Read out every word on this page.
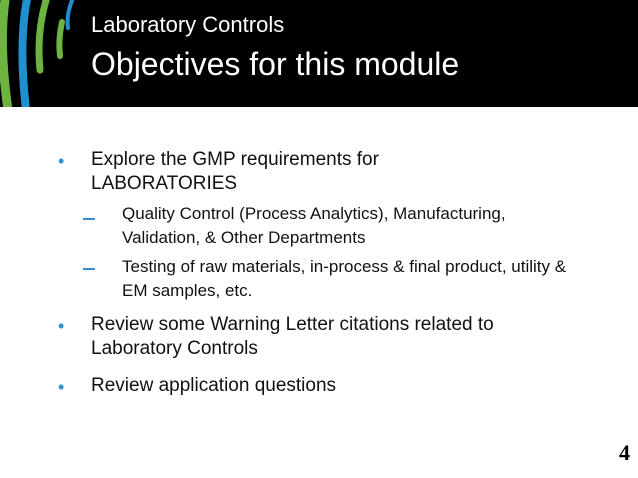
Laboratory Controls
Objectives for this module
• Explore the GMP requirements for LABORATORIES
Quality Control (Process Analytics), Manufacturing, Validation, & Other Departments
Testing of raw materials, in-process & final product, utility & EM samples, etc.
• Review some Warning Letter citations related to Laboratory Controls
• Review application questions
4
